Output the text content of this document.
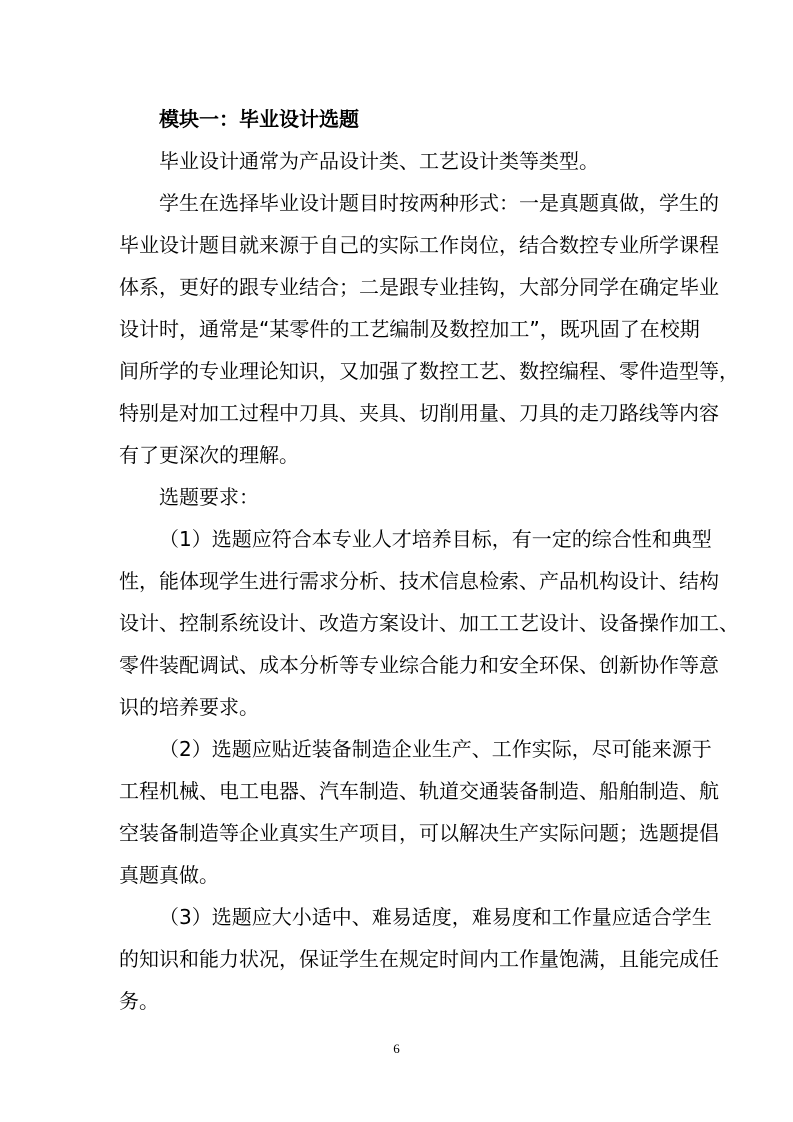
模块一：毕业设计选题
毕业设计通常为产品设计类、工艺设计类等类型。
学生在选择毕业设计题目时按两种形式：一是真题真做，学生的
毕业设计题目就来源于自己的实际工作岗位，结合数控专业所学课程
体系，更好的跟专业结合；二是跟专业挂钩，大部分同学在确定毕业
设计时，通常是“某零件的工艺编制及数控加工”，既巩固了在校期
间所学的专业理论知识，又加强了数控工艺、数控编程、零件造型等，
特别是对加工过程中刀具、夹具、切削用量、刀具的走刀路线等内容
有了更深次的理解。
选题要求：
（1）选题应符合本专业人才培养目标，有一定的综合性和典型
性，能体现学生进行需求分析、技术信息检索、产品机构设计、结构
设计、控制系统设计、改造方案设计、加工工艺设计、设备操作加工、
零件装配调试、成本分析等专业综合能力和安全环保、创新协作等意
识的培养要求。
（2）选题应贴近装备制造企业生产、工作实际，尽可能来源于
工程机械、电工电器、汽车制造、轨道交通装备制造、船舶制造、航
空装备制造等企业真实生产项目，可以解决生产实际问题；选题提倡
真题真做。
（3）选题应大小适中、难易适度，难易度和工作量应适合学生
的知识和能力状况，保证学生在规定时间内工作量饱满，且能完成任
务。
6
